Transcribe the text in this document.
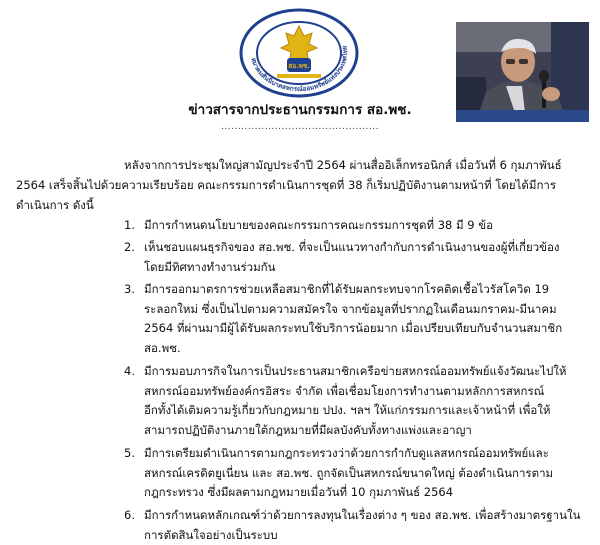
สมาคมสันนิบาตสหกรณ์ออมทรัพย์แห่งประเทศไทย
สอ.พช.
ข่าวสารจากประธานกรรมการ สอ.พช.
...............................................

หลังจากการประชุมใหญ่สามัญประจำปี 2564 ผ่านสื่ออิเล็กทรอนิกส์ เมื่อวันที่ 6 กุมภาพันธ์
2564 เสร็จสิ้นไปด้วยความเรียบร้อย คณะกรรมการดำเนินการชุดที่ 38 ก็เริ่มปฏิบัติงานตามหน้าที่ โดยได้มีการ
ดำเนินการ ดังนี้

1. มีการกำหนดนโยบายของคณะกรรมการคณะกรรมการชุดที่ 38 มี 9 ข้อ
2. เห็นชอบแผนธุรกิจของ สอ.พช. ที่จะเป็นแนวทางกำกับการดำเนินงานของผู้ที่เกี่ยวข้อง
โดยมีทิศทางทำงานร่วมกัน
3. มีการออกมาตรการช่วยเหลือสมาชิกที่ได้รับผลกระทบจากโรคติดเชื้อไวรัสโควิด 19
ระลอกใหม่ ซึ่งเป็นไปตามความสมัครใจ จากข้อมูลที่ปรากฏในเดือนมกราคม-มีนาคม
2564 ที่ผ่านมามีผู้ได้รับผลกระทบใช้บริการน้อยมาก เมื่อเปรียบเทียบกับจำนวนสมาชิก
สอ.พช.
4. มีการมอบภารกิจในการเป็นประธานสมาชิกเครือข่ายสหกรณ์ออมทรัพย์แจ้งวัฒนะไปให้
สหกรณ์ออมทรัพย์องค์กรอิสระ จำกัด เพื่อเชื่อมโยงการทำงานตามหลักการสหกรณ์
อีกทั้งได้เติมความรู้เกี่ยวกับกฎหมาย ปปง. ฯลฯ ให้แก่กรรมการและเจ้าหน้าที่ เพื่อให้
สามารถปฏิบัติงานภายใต้กฎหมายที่มีผลบังคับทั้งทางแพ่งและอาญา
5. มีการเตรียมดำเนินการตามกฎกระทรวงว่าด้วยการกำกับดูแลสหกรณ์ออมทรัพย์และ
สหกรณ์เครดิตยูเนี่ยน และ สอ.พช. ถูกจัดเป็นสหกรณ์ขนาดใหญ่ ต้องดำเนินการตาม
กฎกระทรวง ซึ่งมีผลตามกฎหมายเมื่อวันที่ 10 กุมภาพันธ์ 2564
6. มีการกำหนดหลักเกณฑ์ว่าด้วยการลงทุนในเรื่องต่าง ๆ ของ สอ.พช. เพื่อสร้างมาตรฐานใน
การตัดสินใจอย่างเป็นระบบ
